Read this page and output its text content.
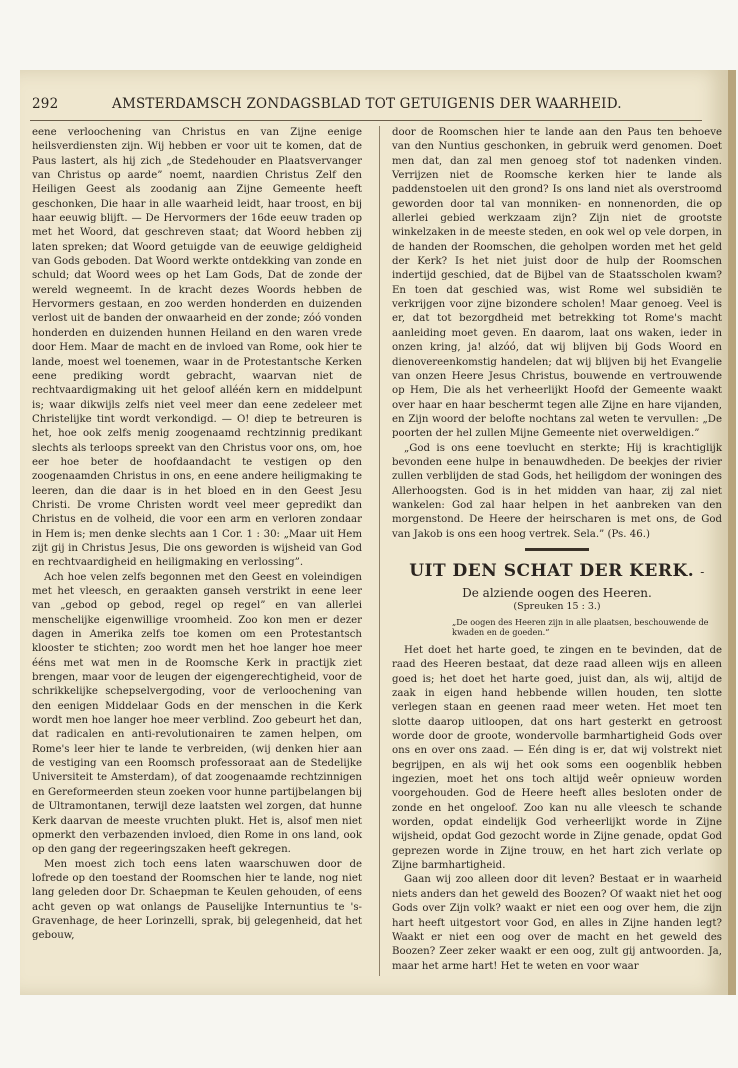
292	AMSTERDAMSCH ZONDAGSBLAD TOT GETUIGENIS DER WAARHEID.

eene verloochening van Christus en van Zijne eenige heilsverdiensten zijn. Wij hebben er voor uit te komen, dat de Paus lastert, als hij zich „de Stedehouder en Plaatsvervanger van Christus op aarde” noemt, naardien Christus Zelf den Heiligen Geest als zoodanig aan Zijne Gemeente heeft geschonken, Die haar in alle waarheid leidt, haar troost, en bij haar eeuwig blijft. — De Hervormers der 16de eeuw traden op met het Woord, dat geschreven staat; dat Woord hebben zij laten spreken; dat Woord getuigde van de eeuwige geldigheid van Gods geboden. Dat Woord werkte ontdekking van zonde en schuld; dat Woord wees op het Lam Gods, Dat de zonde der wereld wegneemt. In de kracht dezes Woords hebben de Hervormers gestaan, en zoo werden honderden en duizenden verlost uit de banden der onwaarheid en der zonde; zóó vonden honderden en duizenden hunnen Heiland en den waren vrede door Hem. Maar de macht en de invloed van Rome, ook hier te lande, moest wel toenemen, waar in de Protestantsche Kerken eene prediking wordt gebracht, waarvan niet de rechtvaardigmaking uit het geloof alléén kern en middelpunt is; waar dikwijls zelfs niet veel meer dan eene zedeleer met Christelijke tint wordt verkondigd. — O! diep te betreuren is het, hoe ook zelfs menig zoogenaamd rechtzinnig predikant slechts als terloops spreekt van den Christus voor ons, om, hoe eer hoe beter de hoofdaandacht te vestigen op den zoogenaamden Christus in ons, en eene andere heiligmaking te leeren, dan die daar is in het bloed en in den Geest Jesu Christi. De vrome Christen wordt veel meer gepredikt dan Christus en de volheid, die voor een arm en verloren zondaar in Hem is; men denke slechts aan 1 Cor. 1 : 30: „Maar uit Hem zijt gij in Christus Jesus, Die ons geworden is wijsheid van God en rechtvaardigheid en heiligmaking en verlossing”.

Ach hoe velen zelfs begonnen met den Geest en voleindigen met het vleesch, en geraakten ganseh verstrikt in eene leer van „gebod op gebod, regel op regel” en van allerlei menschelijke eigenwillige vroomheid. Zoo kon men er dezer dagen in Amerika zelfs toe komen om een Protestantsch klooster te stichten; zoo wordt men het hoe langer hoe meer ééns met wat men in de Roomsche Kerk in practijk ziet brengen, maar voor de leugen der eigengerechtigheid, voor de schrikkelijke schepselvergoding, voor de verloochening van den eenigen Middelaar Gods en der menschen in die Kerk wordt men hoe langer hoe meer verblind. Zoo gebeurt het dan, dat radicalen en anti-revolutionairen te zamen helpen, om Rome's leer hier te lande te verbreiden, (wij denken hier aan de vestiging van een Roomsch professoraat aan de Stedelijke Universiteit te Amsterdam), of dat zoogenaamde rechtzinnigen en Gereformeerden steun zoeken voor hunne partijbelangen bij de Ultramontanen, terwijl deze laatsten wel zorgen, dat hunne Kerk daarvan de meeste vruchten plukt. Het is, alsof men niet opmerkt den verbazenden invloed, dien Rome in ons land, ook op den gang der regeeringszaken heeft gekregen.

Men moest zich toch eens laten waarschuwen door de lofrede op den toestand der Roomschen hier te lande, nog niet lang geleden door Dr. Schaepman te Keulen gehouden, of eens acht geven op wat onlangs de Pauselijke Internuntius te 's-Gravenhage, de heer Lorinzelli, sprak, bij gelegenheid, dat het gebouw,

door de Roomschen hier te lande aan den Paus ten behoeve van den Nuntius geschonken, in gebruik werd genomen. Doet men dat, dan zal men genoeg stof tot nadenken vinden. Verrijzen niet de Roomsche kerken hier te lande als paddenstoelen uit den grond? Is ons land niet als overstroomd geworden door tal van monniken- en nonnenorden, die op allerlei gebied werkzaam zijn? Zijn niet de grootste winkelzaken in de meeste steden, en ook wel op vele dorpen, in de handen der Roomschen, die geholpen worden met het geld der Kerk? Is het niet juist door de hulp der Roomschen indertijd geschied, dat de Bijbel van de Staatsscholen kwam? En toen dat geschied was, wist Rome wel subsidiën te verkrijgen voor zijne bizondere scholen! Maar genoeg. Veel is er, dat tot bezorgdheid met betrekking tot Rome's macht aanleiding moet geven. En daarom, laat ons waken, ieder in onzen kring, ja! alzóó, dat wij blijven bij Gods Woord en dienovereenkomstig handelen; dat wij blijven bij het Evangelie van onzen Heere Jesus Christus, bouwende en vertrouwende op Hem, Die als het verheerlijkt Hoofd der Gemeente waakt over haar en haar beschermt tegen alle Zijne en hare vijanden, en Zijn woord der belofte nochtans zal weten te vervullen: „De poorten der hel zullen Mijne Gemeente niet overweldigen.”

„God is ons eene toevlucht en sterkte; Hij is krachtiglijk bevonden eene hulpe in benauwdheden. De beekjes der rivier zullen verblijden de stad Gods, het heiligdom der woningen des Allerhoogsten. God is in het midden van haar, zij zal niet wankelen: God zal haar helpen in het aanbreken van den morgenstond. De Heere der heirscharen is met ons, de God van Jakob is ons een hoog vertrek. Sela.” (Ps. 46.)

UIT DEN SCHAT DER KERK. -
De alziende oogen des Heeren.
(Spreuken 15 : 3.)
„De oogen des Heeren zijn in alle plaatsen, beschouwende de kwaden en de goeden.”

Het doet het harte goed, te zingen en te bevinden, dat de raad des Heeren bestaat, dat deze raad alleen wijs en alleen goed is; het doet het harte goed, juist dan, als wij, altijd de zaak in eigen hand hebbende willen houden, ten slotte verlegen staan en geenen raad meer weten. Het moet ten slotte daarop uitloopen, dat ons hart gesterkt en getroost worde door de groote, wondervolle barmhartigheid Gods over ons en over ons zaad. — Eén ding is er, dat wij volstrekt niet begrijpen, en als wij het ook soms een oogenblik hebben ingezien, moet het ons toch altijd weêr opnieuw worden voorgehouden. God de Heere heeft alles besloten onder de zonde en het ongeloof. Zoo kan nu alle vleesch te schande worden, opdat eindelijk God verheerlijkt worde in Zijne wijsheid, opdat God gezocht worde in Zijne genade, opdat God geprezen worde in Zijne trouw, en het hart zich verlate op Zijne barmhartigheid.

Gaan wij zoo alleen door dit leven? Bestaat er in waarheid niets anders dan het geweld des Boozen? Of waakt niet het oog Gods over Zijn volk? waakt er niet een oog over hem, die zijn hart heeft uitgestort voor God, en alles in Zijne handen legt? Waakt er niet een oog over de macht en het geweld des Boozen? Zeer zeker waakt er een oog, zult gij antwoorden. Ja, maar het arme hart! Het te weten en voor waar
